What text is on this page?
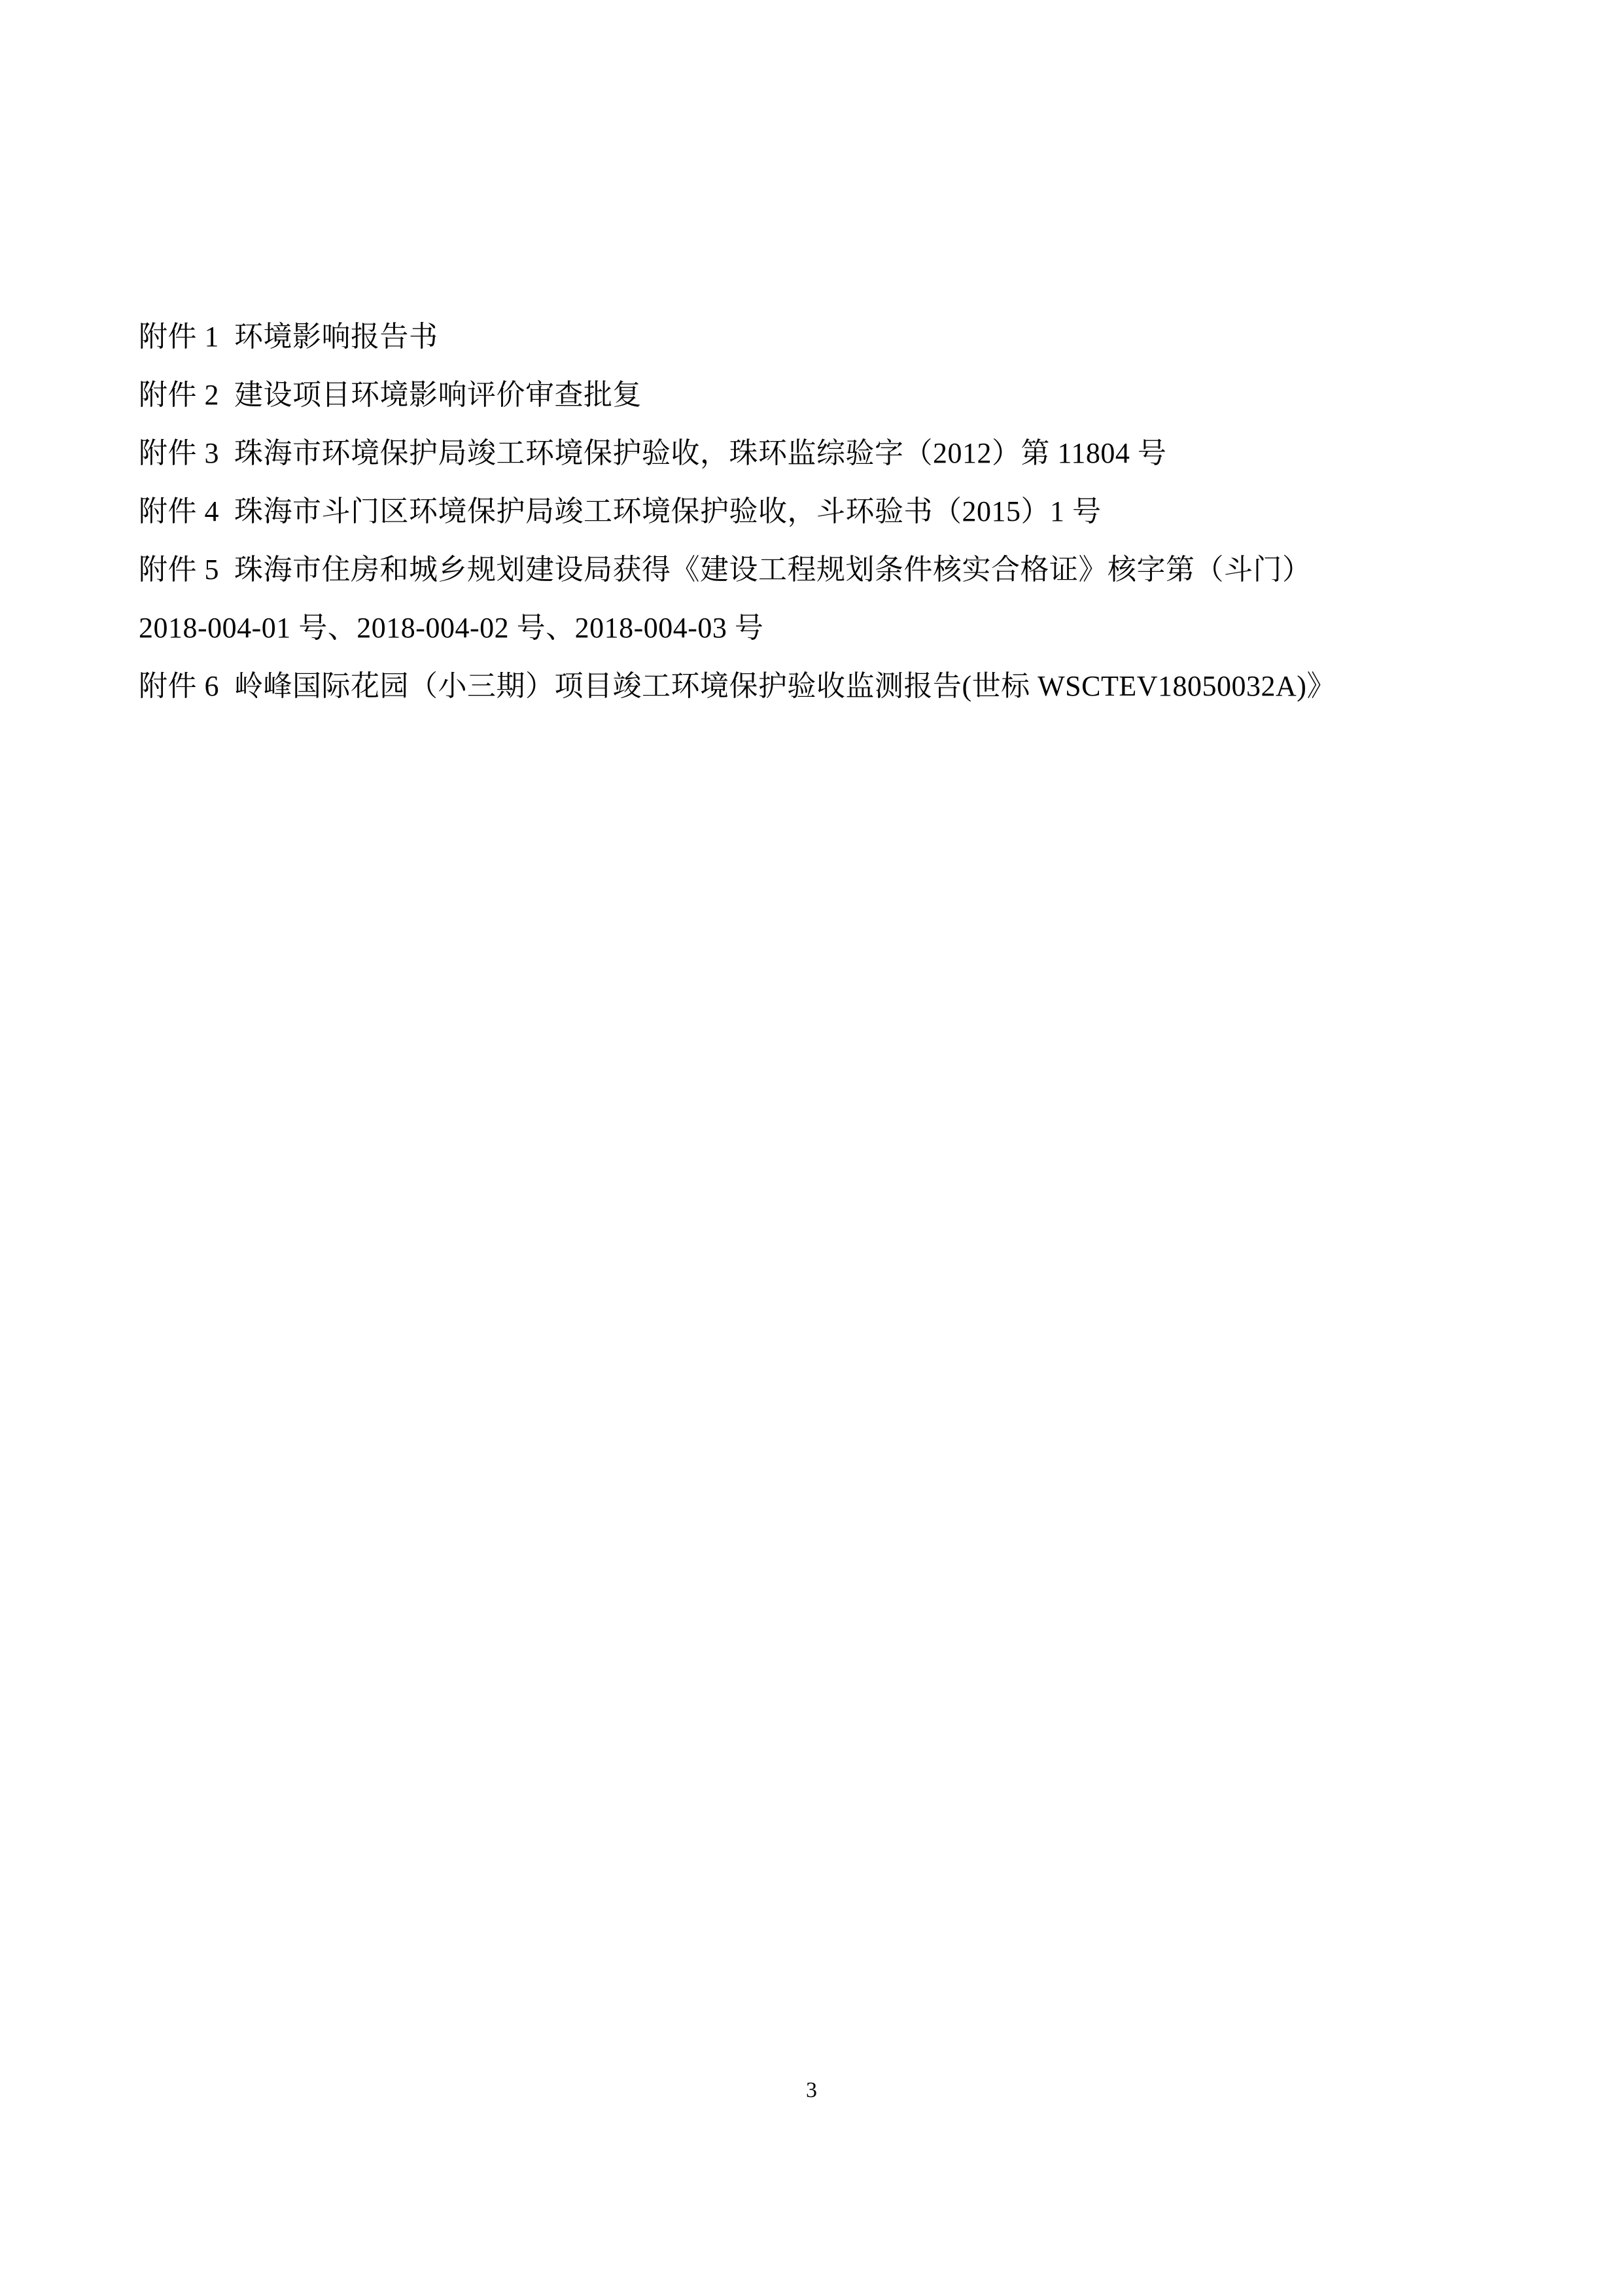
附件 1  环境影响报告书
附件 2  建设项目环境影响评价审查批复
附件 3  珠海市环境保护局竣工环境保护验收，珠环监综验字（2012）第 11804 号
附件 4  珠海市斗门区环境保护局竣工环境保护验收，斗环验书（2015）1 号
附件 5  珠海市住房和城乡规划建设局获得《建设工程规划条件核实合格证》核字第（斗门）
2018-004-01 号、2018-004-02 号、2018-004-03 号
附件 6  岭峰国际花园（小三期）项目竣工环境保护验收监测报告(世标 WSCTEV18050032A)》
3
